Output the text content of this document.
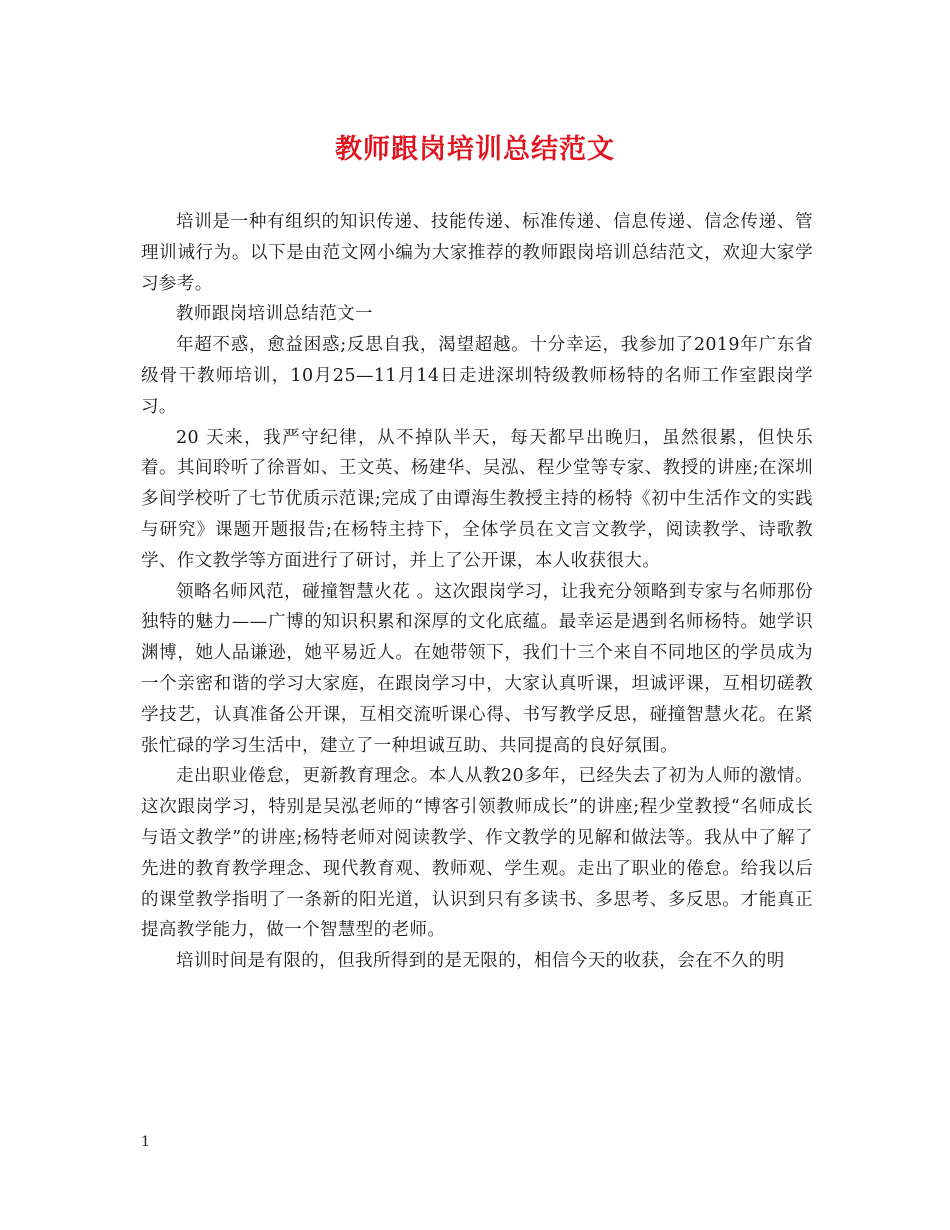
教师跟岗培训总结范文

培训是一种有组织的知识传递、技能传递、标准传递、信息传递、信念传递、管理训诫行为。以下是由范文网小编为大家推荐的教师跟岗培训总结范文，欢迎大家学习参考。

教师跟岗培训总结范文一

年超不惑，愈益困惑;反思自我，渴望超越。十分幸运，我参加了2019年广东省级骨干教师培训，10月25—11月14日走进深圳特级教师杨特的名师工作室跟岗学习。

20 天来，我严守纪律，从不掉队半天，每天都早出晚归，虽然很累，但快乐着。其间聆听了徐晋如、王文英、杨建华、吴泓、程少堂等专家、教授的讲座;在深圳多间学校听了七节优质示范课;完成了由谭海生教授主持的杨特《初中生活作文的实践与研究》课题开题报告;在杨特主持下，全体学员在文言文教学，阅读教学、诗歌教学、作文教学等方面进行了研讨，并上了公开课，本人收获很大。

领略名师风范，碰撞智慧火花 。这次跟岗学习，让我充分领略到专家与名师那份独特的魅力——广博的知识积累和深厚的文化底蕴。最幸运是遇到名师杨特。她学识渊博，她人品谦逊，她平易近人。在她带领下，我们十三个来自不同地区的学员成为一个亲密和谐的学习大家庭，在跟岗学习中，大家认真听课，坦诚评课，互相切磋教学技艺，认真准备公开课，互相交流听课心得、书写教学反思，碰撞智慧火花。在紧张忙碌的学习生活中，建立了一种坦诚互助、共同提高的良好氛围。

走出职业倦怠，更新教育理念。本人从教20多年，已经失去了初为人师的激情。这次跟岗学习，特别是吴泓老师的“博客引领教师成长”的讲座;程少堂教授“名师成长与语文教学”的讲座;杨特老师对阅读教学、作文教学的见解和做法等。我从中了解了先进的教育教学理念、现代教育观、教师观、学生观。走出了职业的倦怠。给我以后的课堂教学指明了一条新的阳光道，认识到只有多读书、多思考、多反思。才能真正提高教学能力，做一个智慧型的老师。

培训时间是有限的，但我所得到的是无限的，相信今天的收获，会在不久的明

1
